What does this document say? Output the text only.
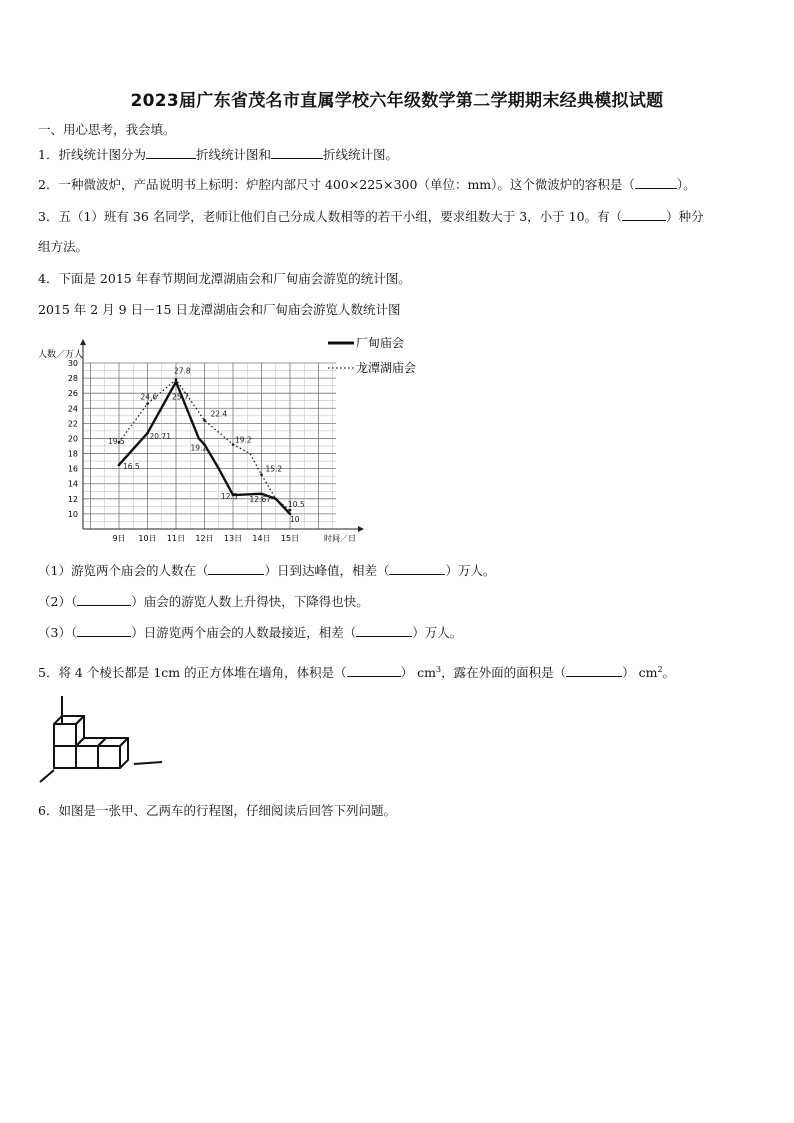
2023届广东省茂名市直属学校六年级数学第二学期期末经典模拟试题

一、用心思考，我会填。

1．折线统计图分为	折线统计图和	折线统计图。

2．一种微波炉，产品说明书上标明：炉腔内部尺寸 400×225×300（单位：mm）。这个微波炉的容积是（	）。

3．五（1）班有 36 名同学，老师让他们自己分成人数相等的若干小组，要求组数大于 3，小于 10。有（	）种分

组方法。

4．下面是 2015 年春节期间龙潭湖庙会和厂甸庙会游览的统计图。

2015 年 2 月 9 日－15 日龙潭湖庙会和厂甸庙会游览人数统计图

人数／万人
时间／日
10
12
14
16
18
20
22
24
26
28
30
9日 10日 11日 12日 13日 14日 15日
16.5
19.5
24.6
20.71
27.8
25.7
22.4
19.2
19.2
12.5
15.2
12.67
10.5
10
厂甸庙会
龙潭湖庙会

（1）游览两个庙会的人数在（	）日到达峰值，相差（	）万人。

（2）（	）庙会的游览人数上升得快，下降得也快。

（3）（	）日游览两个庙会的人数最接近，相差（	）万人。

5．将 4 个棱长都是 1cm 的正方体堆在墙角，体积是（	） $cm^3$，露在外面的面积是（	） $cm^2$。

6．如图是一张甲、乙两车的行程图，仔细阅读后回答下列问题。
